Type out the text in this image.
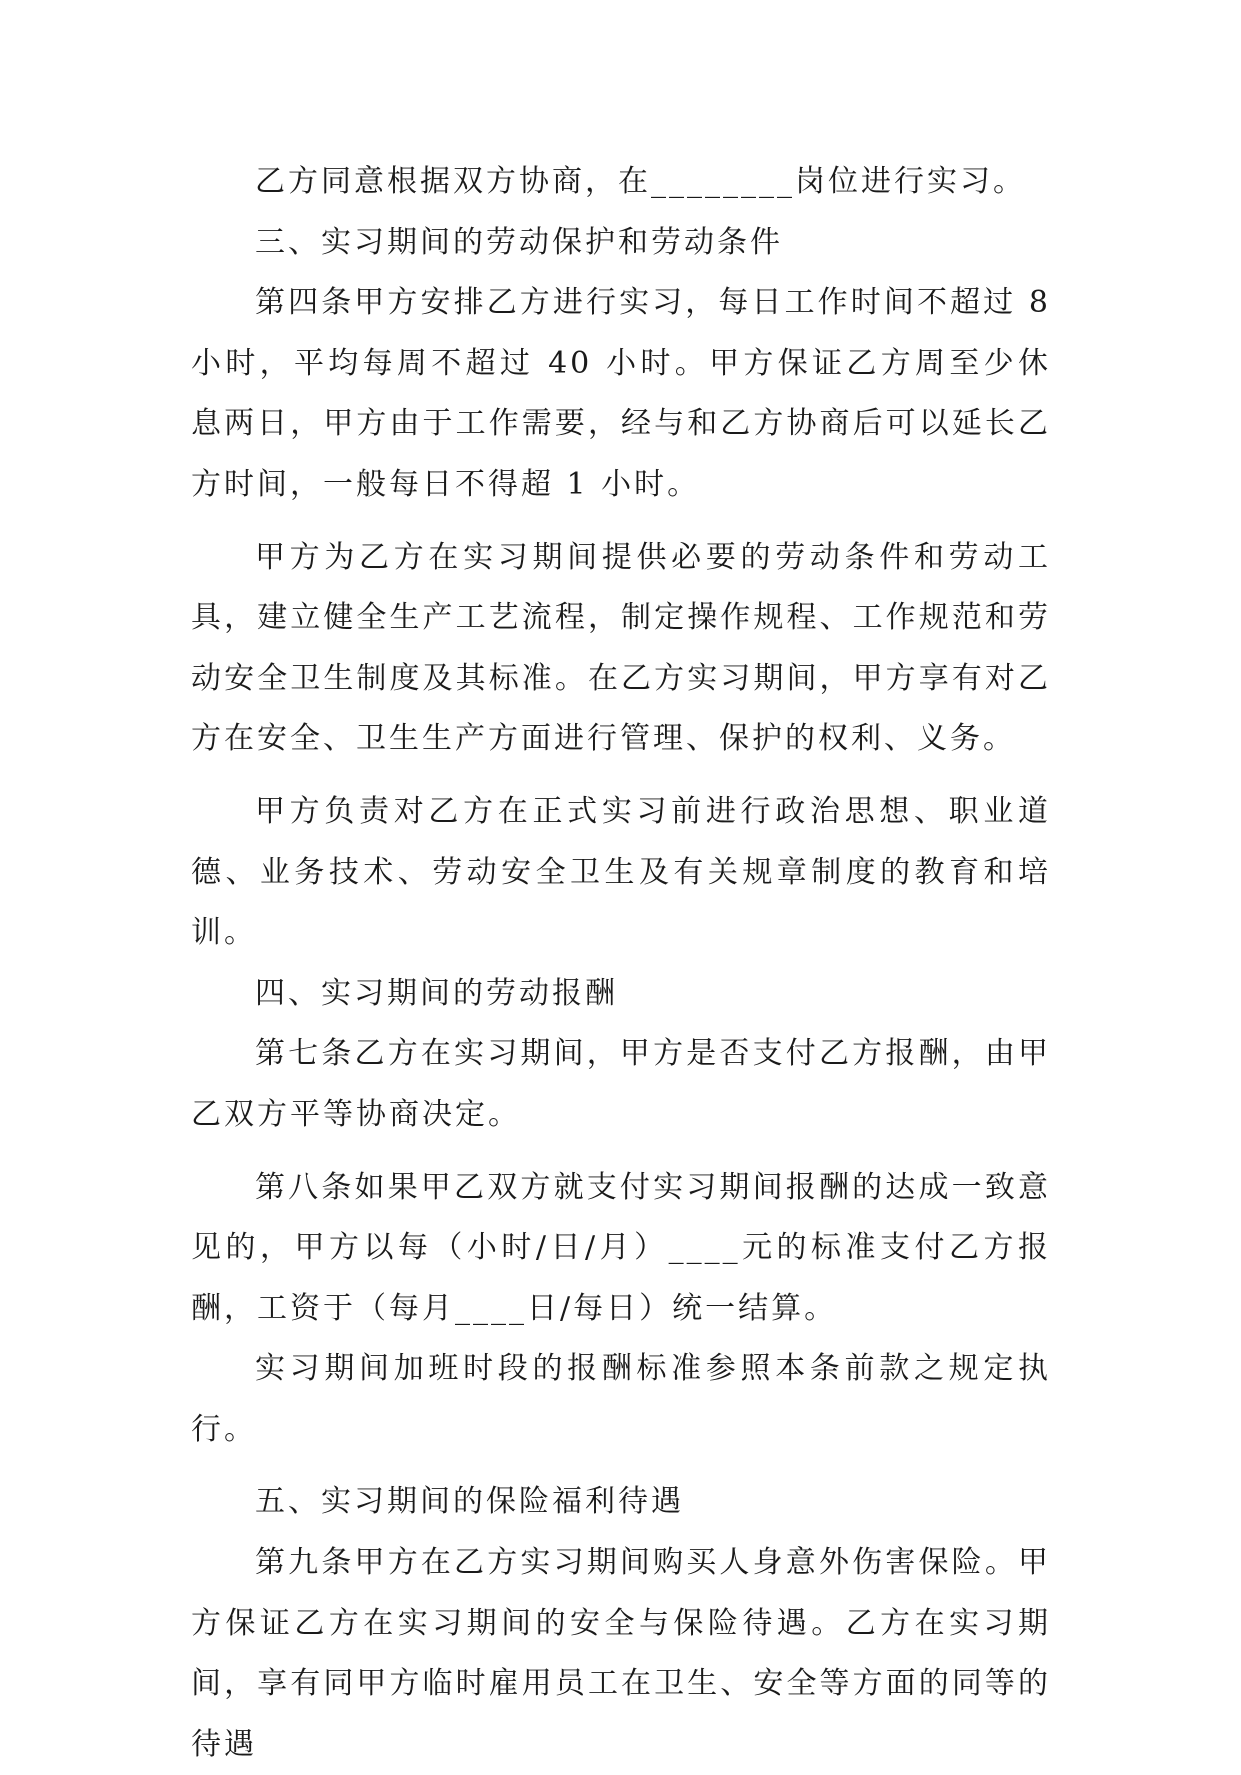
乙方同意根据双方协商，在________岗位进行实习。

三、实习期间的劳动保护和劳动条件

第四条甲方安排乙方进行实习，每日工作时间不超过 8 小时，平均每周不超过 40 小时。甲方保证乙方周至少休息两日，甲方由于工作需要，经与和乙方协商后可以延长乙方时间，一般每日不得超 1 小时。

甲方为乙方在实习期间提供必要的劳动条件和劳动工具，建立健全生产工艺流程，制定操作规程、工作规范和劳动安全卫生制度及其标准。在乙方实习期间，甲方享有对乙方在安全、卫生生产方面进行管理、保护的权利、义务。

甲方负责对乙方在正式实习前进行政治思想、职业道德、业务技术、劳动安全卫生及有关规章制度的教育和培训。

四、实习期间的劳动报酬

第七条乙方在实习期间，甲方是否支付乙方报酬，由甲乙双方平等协商决定。

第八条如果甲乙双方就支付实习期间报酬的达成一致意见的，甲方以每（小时/日/月）____元的标准支付乙方报酬，工资于（每月____日/每日）统一结算。

实习期间加班时段的报酬标准参照本条前款之规定执行。

五、实习期间的保险福利待遇

第九条甲方在乙方实习期间购买人身意外伤害保险。甲方保证乙方在实习期间的安全与保险待遇。乙方在实习期间，享有同甲方临时雇用员工在卫生、安全等方面的同等的待遇
